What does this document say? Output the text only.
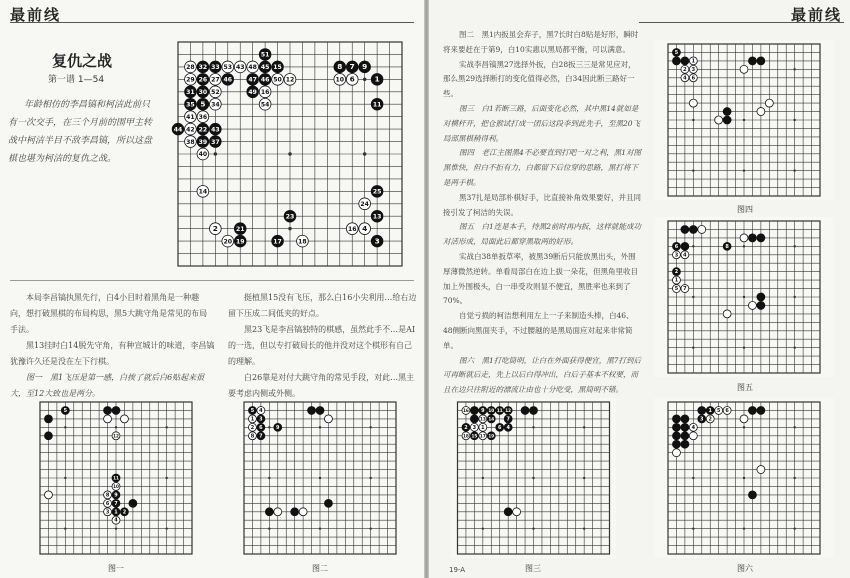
最前线
复仇之战
第一谱 1—54

年龄相仿的李昌镐和柯洁此前只有一次交手，在三个月前的围甲主转战中柯洁半目不敌李昌镐，所以这盘棋也堪为柯洁的复仇之战。

51
28 32 33 53 43 48 45 15
29 26 27 46	47 46 50 12
31 30 52	49 16
35 5 34	54
41 36
44 42 22 43
38 39 37
40
8 7 9
10 6	1
11
14	25
24
13
23
2	21	4
16
20 19	17	18	3

本局李昌镐执黑先行，白4小目时着黑角是一种趣向，想打破黑棋的布局构思，黑5大跳守角是常见的布局手法。

黑13挂时白14脱先守角，有种宣城计的味道，李昌镐犹豫许久还是没在左下行棋。

图一　黑1飞压是第一感，白挨了就后白6贴起来很大，至12大致也是两分。

挺植黑15没有飞压，那么白16小尖利用…给右边留下压成二间低夹的好点。

黑23飞是李昌镐独特的棋感，虽然此手不…是AI的一选，但以专打破局长的他并没对这个棋形有自己的理解。

白26靠是对付大跳守角的常见手段，对此…黑主要考虑内侧或外侧。

5
12
11
10
9
8
7
6
1
3	2
4
图一
5 4
1 3
2 6	9
8 7
图二
最前线

图二　黑1内扳虽会弃子，黑7长时白8贴是好形，瞬时将来要赶在于第9，白10实惠以黑局都平衡，可以满意。

实战李昌镐黑27选择外扳，白28扳三三是常见应对，那么黑29选择断打的变化值得必然，白34因此断三路好一些。

图三　白1若断三路，后面变化必然，其中黑14就如是对横杆开，把仓猴试打成一团后这段李到此先手，至黑20飞局部黑棋稍得利。

图四　老江主图黑4不必要直到打吧一对之利，黑1对图黑惟快，但白不拒有力，白都留下后位穿的思路，黑打将下是两手棋。

黑37扎是局部朴棋好手，比直接补角效果要好，并且同接引发了柯洁的失误。

图五　白1连是本手，待黑2前时再内扳，这样就能成功对活形成，局面此后都穿黑取两的好形。

实战白38单扳草率，被黑39断后只能放黑出头，外围厚薄微然逆转。单看局部白在边上拔一朵花，但黑角里收目加上外围极头，白一串受攻则显不便宜，黑胜率也来到了70%。

自觉亏损的柯洁想利用左上一子来制造头棒，白46、48侧断向黑面夹手，不过腰越的是黑局面应对起来非常简单。

图六　黑1打吃简明，让白在外面获得便宜，黑7打到后可再断就后走，先上以后白得冲出，白后子基本不权要，而且在边只往附近的漂流让由也十分吃受，黑简明不错。

16 9 10 11 12
13 14 7
2 3 1	6 4
18 15 17 19
图三
19-A
5
1
2 3
4 6
图四
6
3 4
2
1
5 7
8
图五
1 5 6
3 2
4
图六
